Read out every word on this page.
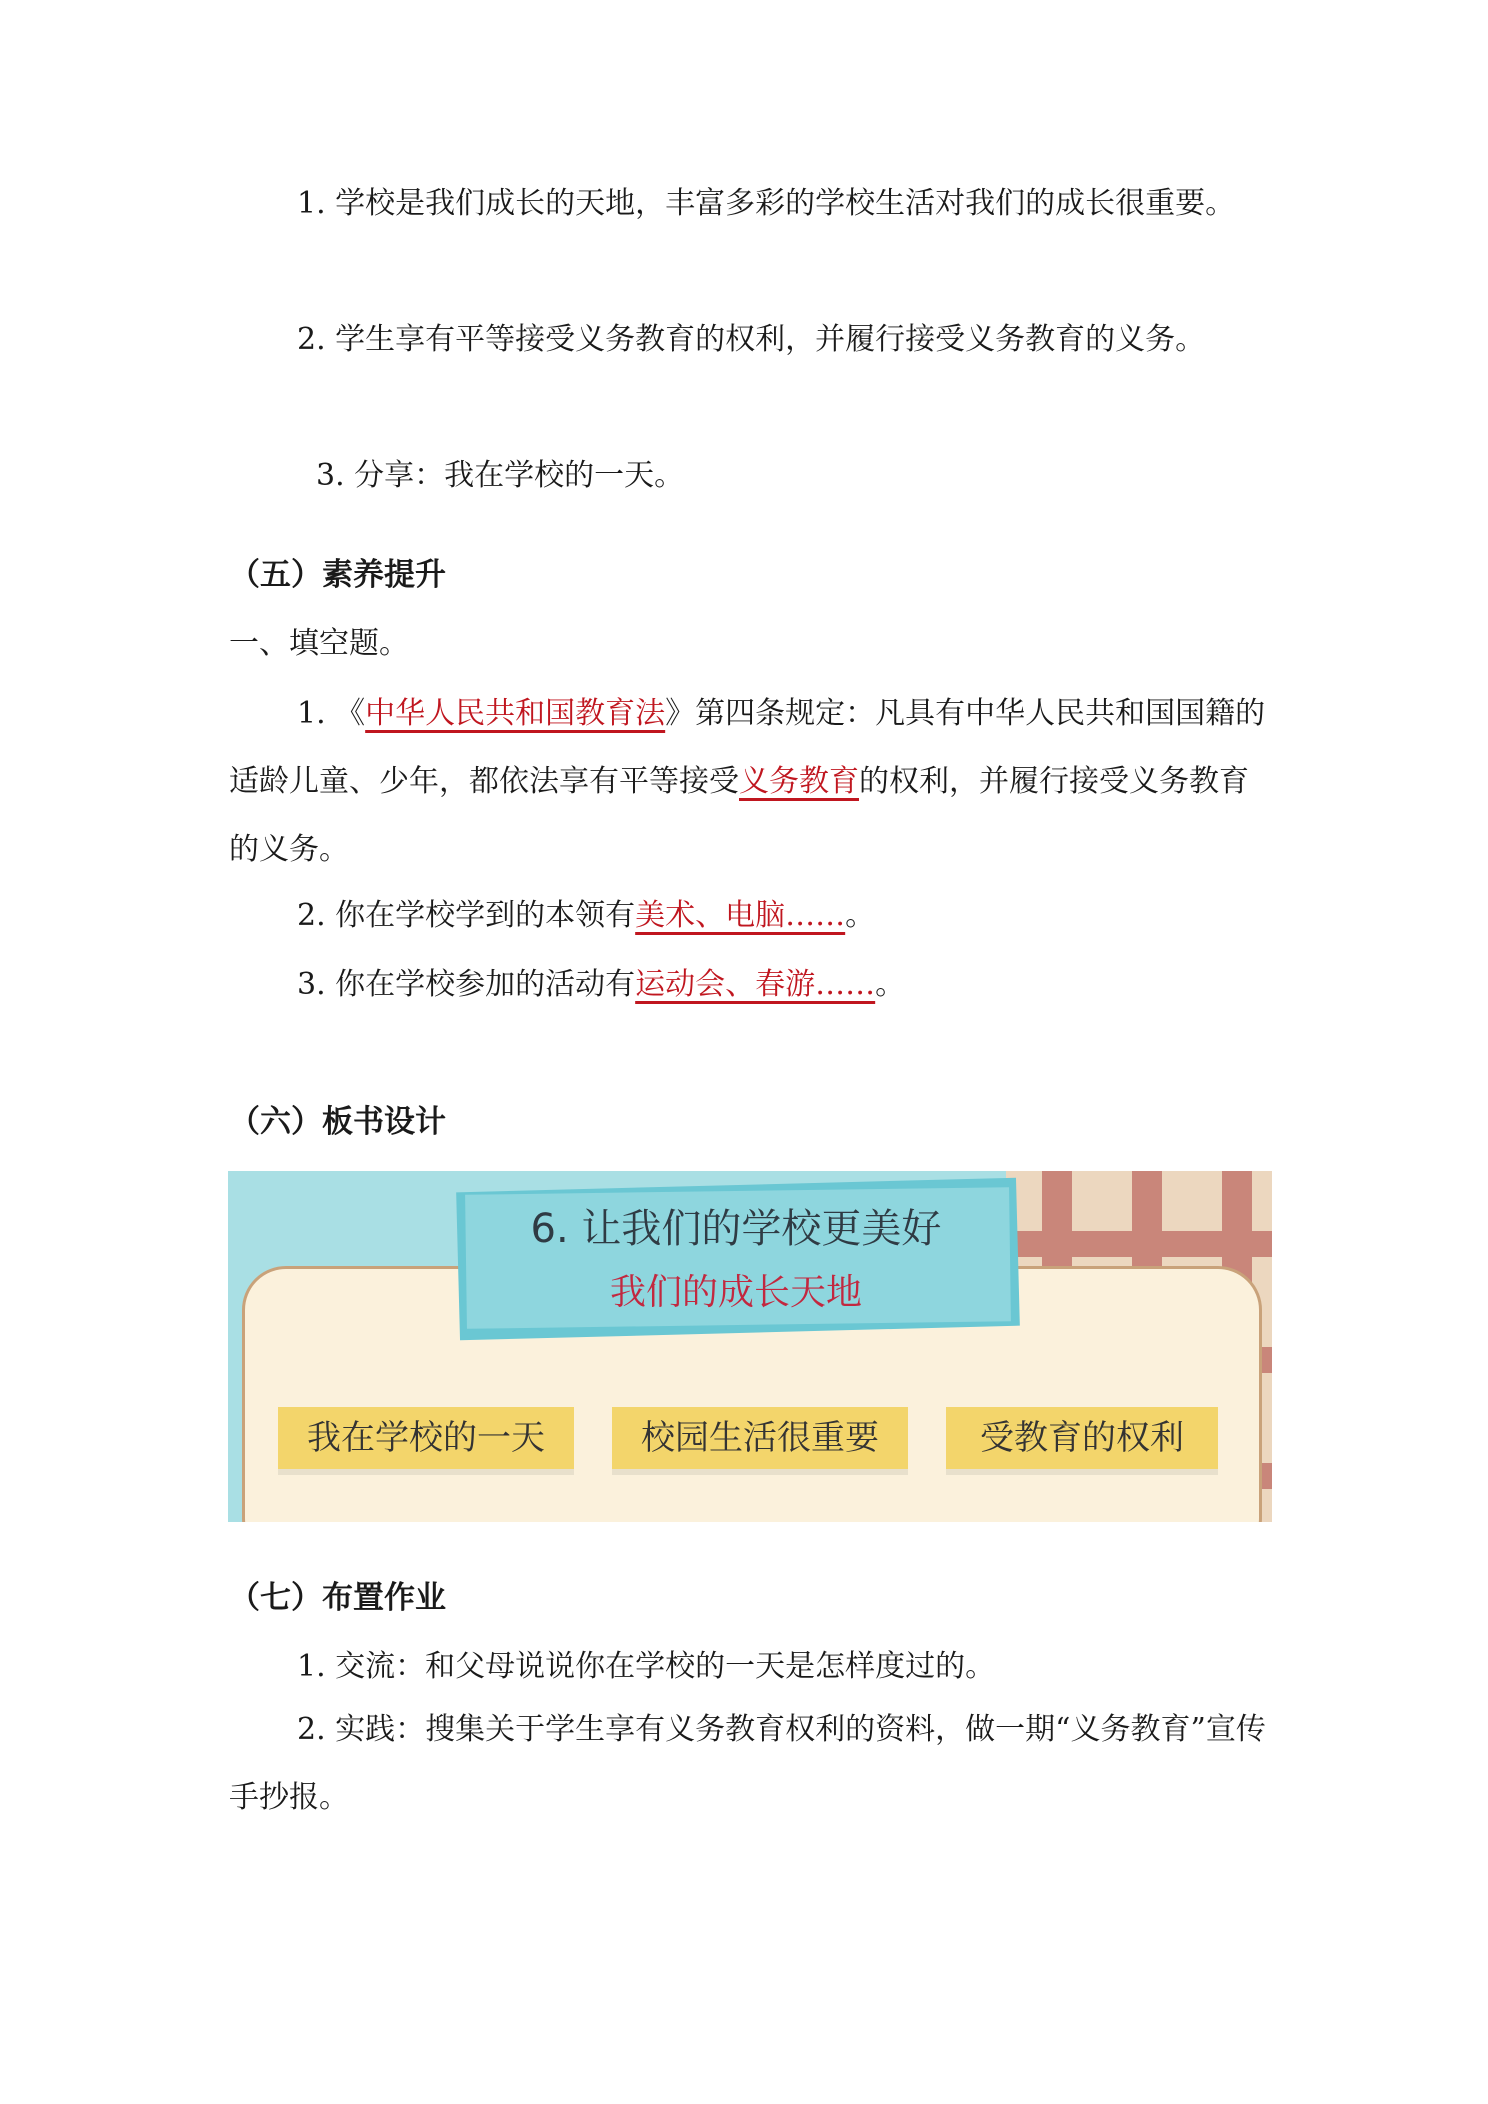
1. 学校是我们成长的天地，丰富多彩的学校生活对我们的成长很重要。

2. 学生享有平等接受义务教育的权利，并履行接受义务教育的义务。

3. 分享：我在学校的一天。

（五）素养提升

一、填空题。

1. 《中华人民共和国教育法》第四条规定：凡具有中华人民共和国国籍的适龄儿童、少年，都依法享有平等接受义务教育的权利，并履行接受义务教育的义务。

2. 你在学校学到的本领有美术、电脑……。

3. 你在学校参加的活动有运动会、春游……。

（六）板书设计
6. 让我们的学校更美好
我们的成长天地
我在学校的一天	校园生活很重要	受教育的权利
（七）布置作业

1. 交流：和父母说说你在学校的一天是怎样度过的。

2. 实践：搜集关于学生享有义务教育权利的资料，做一期“义务教育”宣传手抄报。
